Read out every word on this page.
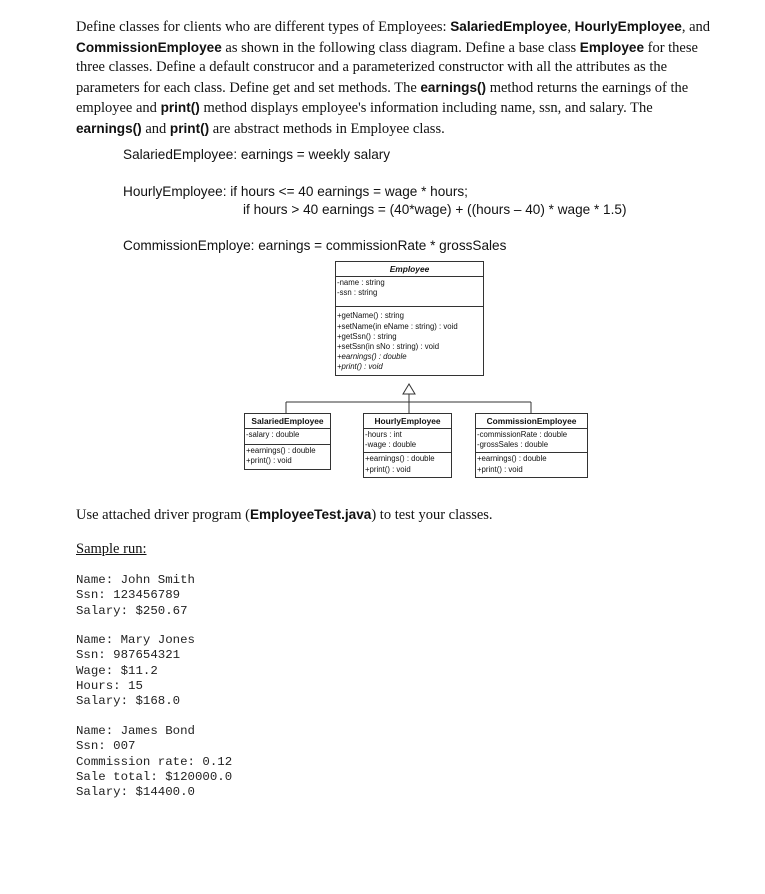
Define classes for clients who are different types of Employees: SalariedEmployee, HourlyEmployee, and CommissionEmployee as shown in the following class diagram. Define a base class Employee for these three classes. Define a default construcor and a parameterized constructor with all the attributes as the parameters for each class. Define get and set methods. The earnings() method returns the earnings of the employee and print() method displays employee's information including name, ssn, and salary. The earnings() and print() are abstract methods in Employee class.

SalariedEmployee: earnings = weekly salary
HourlyEmployee: if hours <= 40 earnings = wage * hours;
if hours > 40 earnings = (40*wage) + ((hours – 40) * wage * 1.5)
CommissionEmploye: earnings = commissionRate * grossSales
Employee
-name : string
-ssn : string
+getName() : string
+setName(in eName : string) : void
+getSsn() : string
+setSsn(in sNo : string) : void
+earnings() : double
+print() : void
SalariedEmployee
-salary : double
+earnings() : double
+print() : void
HourlyEmployee
-hours : int
-wage : double
+earnings() : double
+print() : void
CommissionEmployee
-commissionRate : double
-grossSales : double
+earnings() : double
+print() : void
Use attached driver program (EmployeeTest.java) to test your classes.
Sample run:
Name: John Smith
Ssn: 123456789
Salary: $250.67
Name: Mary Jones
Ssn: 987654321
Wage: $11.2
Hours: 15
Salary: $168.0
Name: James Bond
Ssn: 007
Commission rate: 0.12
Sale total: $120000.0
Salary: $14400.0
